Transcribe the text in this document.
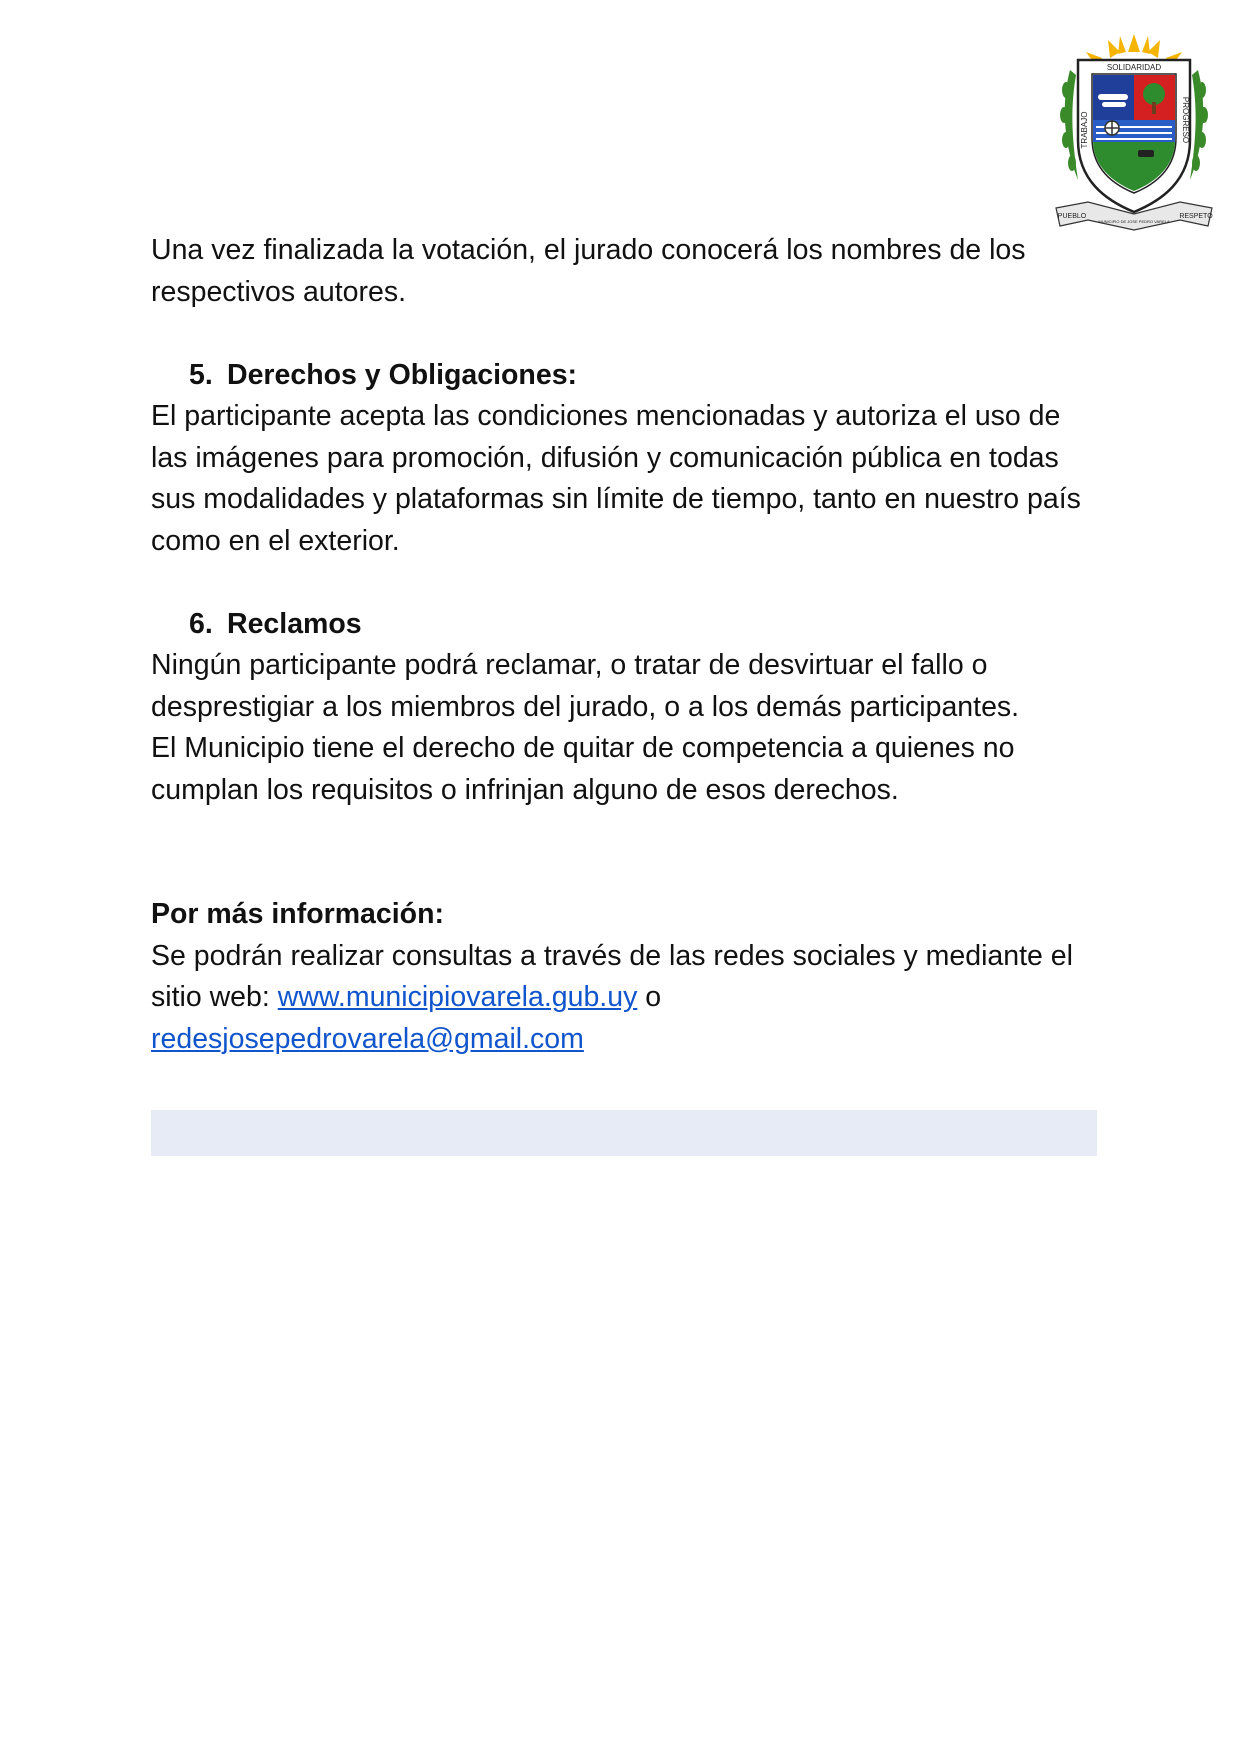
SOLIDARIDAD
TRABAJO	PROGRESO
PUEBLO
MUNICIPIO DE JOSE PEDRO VARELA
RESPETO

Una vez finalizada la votación, el jurado conocerá los nombres de los respectivos autores.

5. Derechos y Obligaciones:

El participante acepta las condiciones mencionadas y autoriza el uso de las imágenes para promoción, difusión y comunicación pública en todas sus modalidades y plataformas sin límite de tiempo, tanto en nuestro país como en el exterior.

6. Reclamos

Ningún participante podrá reclamar, o tratar de desvirtuar el fallo o desprestigiar a los miembros del jurado, o a los demás participantes.

El Municipio tiene el derecho de quitar de competencia a quienes no cumplan los requisitos o infrinjan alguno de esos derechos.

Por más información:

Se podrán realizar consultas a través de las redes sociales y mediante el sitio web: www.municipiovarela.gub.uy o
redesjosepedrovarela@gmail.com
